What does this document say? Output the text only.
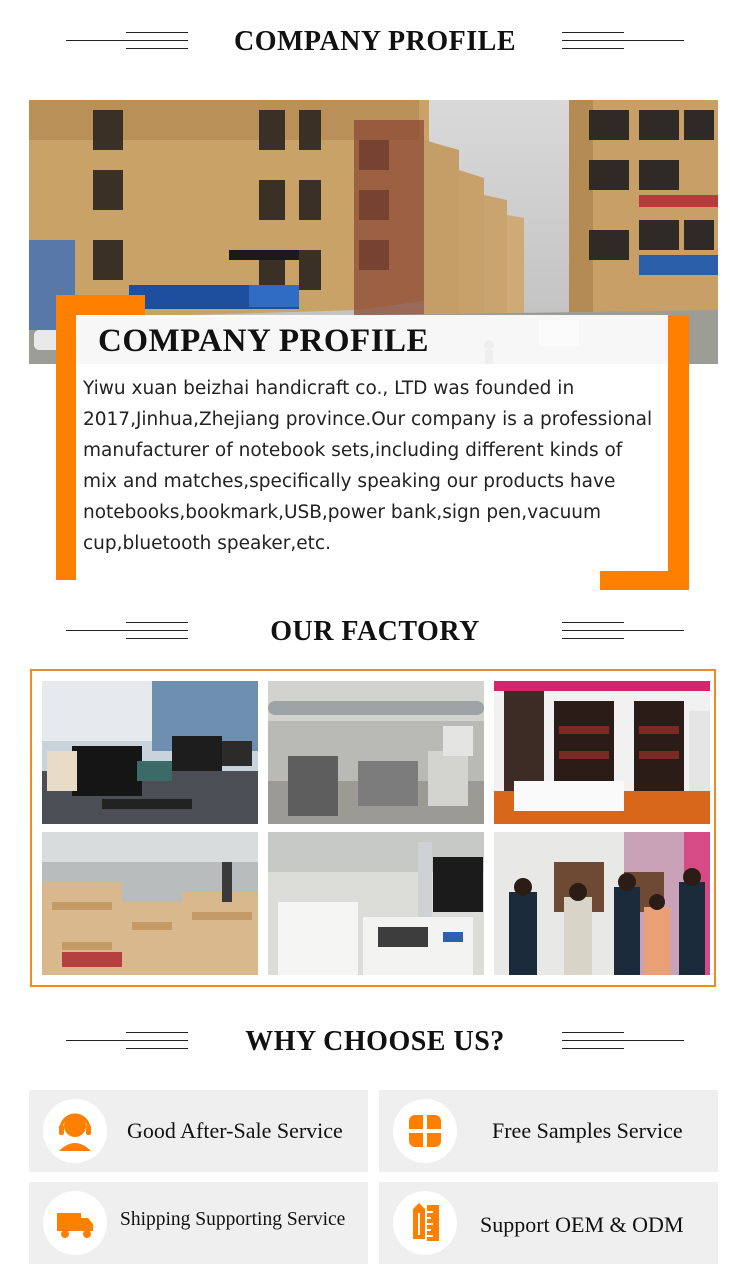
COMPANY PROFILE
COMPANY PROFILE
Yiwu xuan beizhai handicraft co., LTD was founded in 2017,Jinhua,Zhejiang province.Our company is a professional manufacturer of notebook sets,including different kinds of mix and matches,specifically speaking our products have notebooks,bookmark,USB,power bank,sign pen,vacuum cup,bluetooth speaker,etc.
OUR FACTORY
WHY CHOOSE US?
Good After-Sale Service	Free Samples Service
Shipping Supporting Service	Support OEM & ODM
